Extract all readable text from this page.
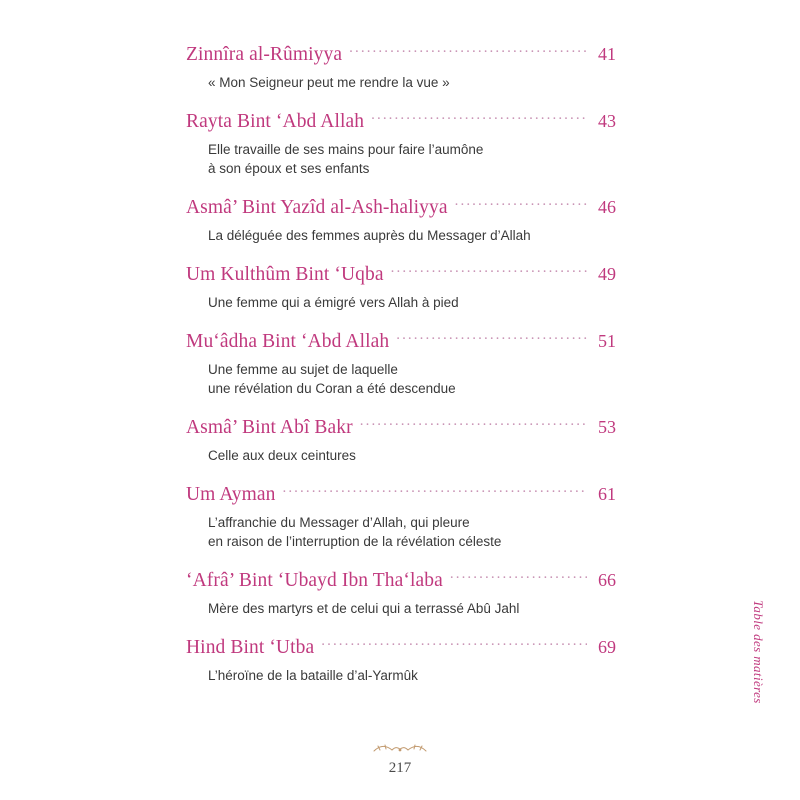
Zinnîra al-Rûmiyya .....	41
« Mon Seigneur peut me rendre la vue »
Rayta Bint ‘Abd Allah .....	43
Elle travaille de ses mains pour faire l’aumône
à son époux et ses enfants
Asmâ’ Bint Yazîd al-Ash-haliyya .....	46
La déléguée des femmes auprès du Messager d’Allah
Um Kulthûm Bint ‘Uqba .....	49
Une femme qui a émigré vers Allah à pied
Mu‘âdha Bint ‘Abd Allah .....	51
Une femme au sujet de laquelle
une révélation du Coran a été descendue
Asmâ’ Bint Abî Bakr .....	53
Celle aux deux ceintures
Um Ayman .....	61
L’affranchie du Messager d’Allah, qui pleure
en raison de l’interruption de la révélation céleste
‘Afrâ’ Bint ‘Ubayd Ibn Tha‘laba .....	66
Mère des martyrs et de celui qui a terrassé Abû Jahl
Hind Bint ‘Utba .....	69
L’héroïne de la bataille d’al-Yarmûk	Table des matières
217
